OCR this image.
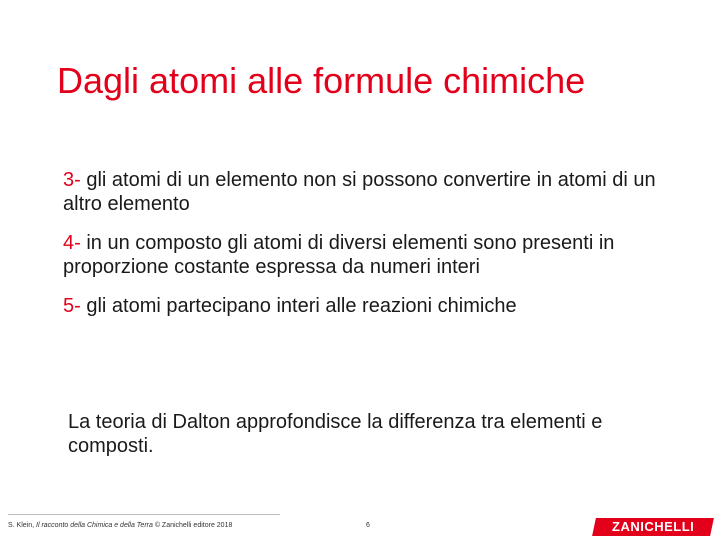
Dagli atomi alle formule chimiche
3- gli atomi di un elemento non si possono convertire in atomi di un altro elemento
4- in un composto gli atomi di diversi elementi sono presenti in proporzione costante espressa da numeri interi
5- gli atomi partecipano interi alle reazioni chimiche
La teoria di Dalton approfondisce la differenza tra elementi e composti.
S. Klein, Il racconto della Chimica e della Terra © Zanichelli editore 2018	6	ZANICHELLI
